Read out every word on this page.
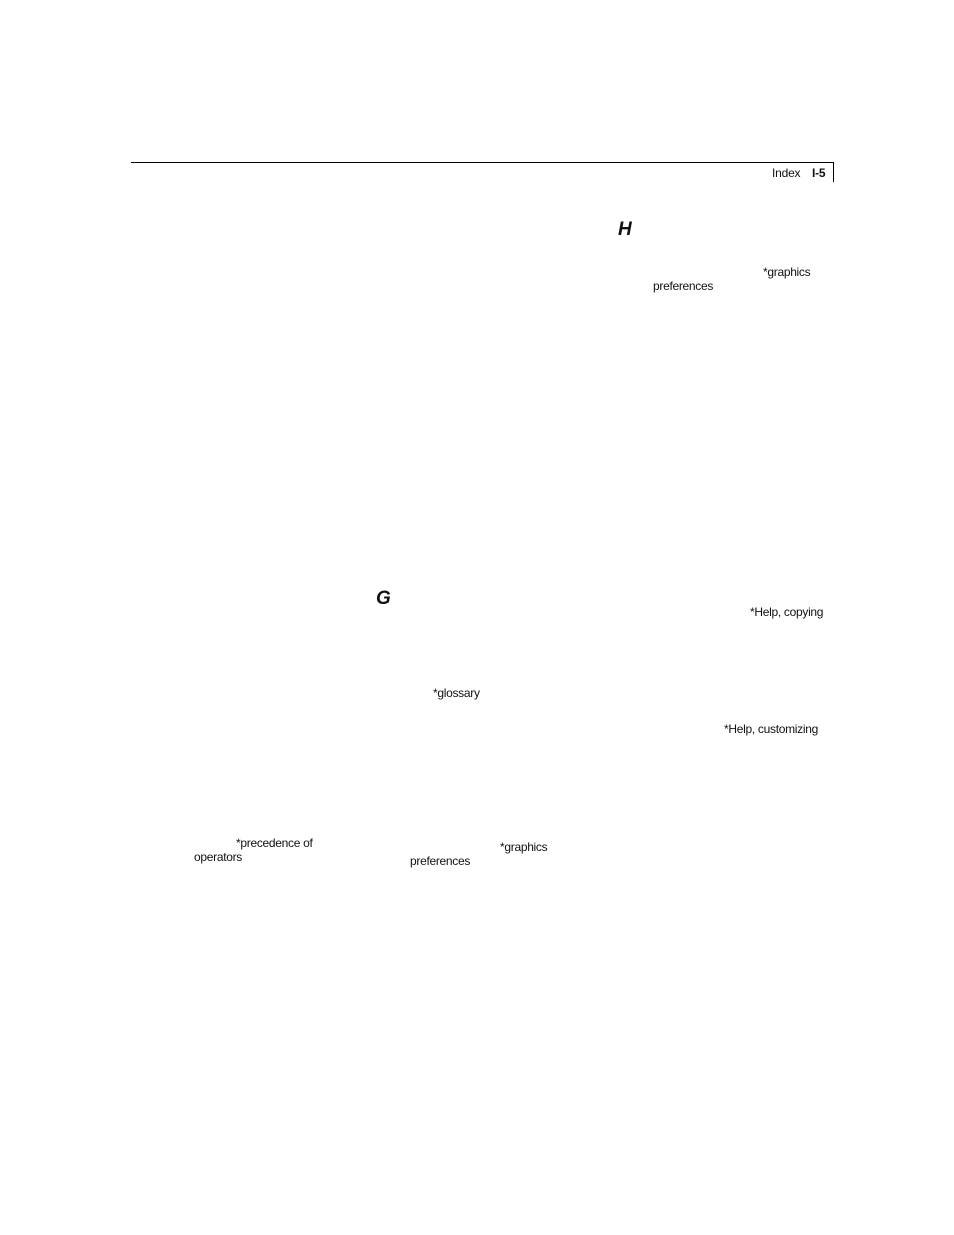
Index I-5
H
G
*graphics
preferences
*Help, copying
*glossary
*Help, customizing
*precedence of
operators
*graphics
preferences
